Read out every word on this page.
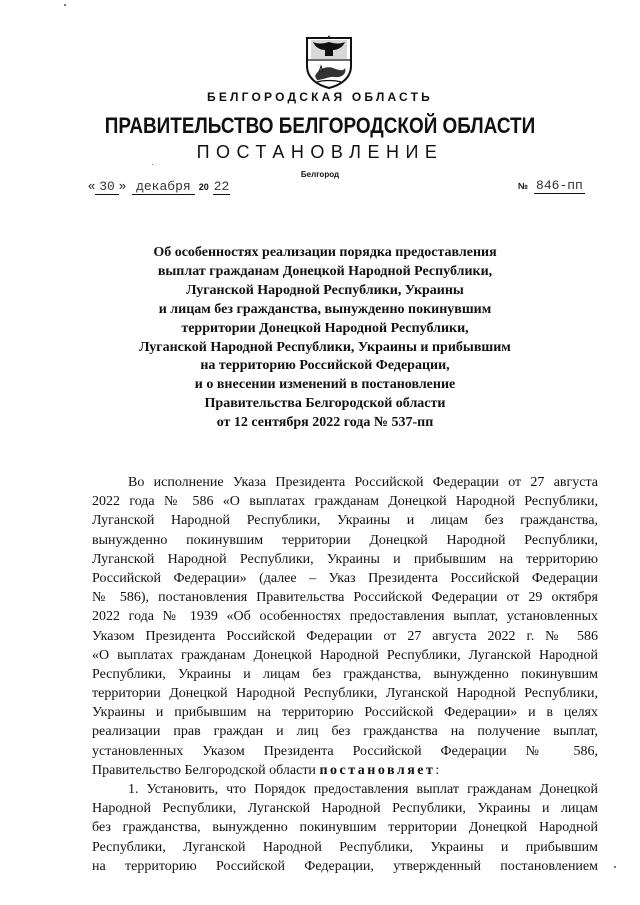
БЕЛГОРОДСКАЯ ОБЛАСТЬ
ПРАВИТЕЛЬСТВО БЕЛГОРОДСКОЙ ОБЛАСТИ
ПОСТАНОВЛЕНИЕ
Белгород
« 30 » декабря 20 22	№ 846-пп
Об особенностях реализации порядка предоставления
выплат гражданам Донецкой Народной Республики,
Луганской Народной Республики, Украины
и лицам без гражданства, вынужденно покинувшим
территории Донецкой Народной Республики,
Луганской Народной Республики, Украины и прибывшим
на территорию Российской Федерации,
и о внесении изменений в постановление
Правительства Белгородской области
от 12 сентября 2022 года № 537-пп
Во исполнение Указа Президента Российской Федерации от 27 августа
2022 года № 586 «О выплатах гражданам Донецкой Народной Республики,
Луганской Народной Республики, Украины и лицам без гражданства,
вынужденно покинувшим территории Донецкой Народной Республики,
Луганской Народной Республики, Украины и прибывшим на территорию
Российской Федерации» (далее – Указ Президента Российской Федерации
№ 586), постановления Правительства Российской Федерации от 29 октября
2022 года № 1939 «Об особенностях предоставления выплат, установленных
Указом Президента Российской Федерации от 27 августа 2022 г. № 586
«О выплатах гражданам Донецкой Народной Республики, Луганской Народной
Республики, Украины и лицам без гражданства, вынужденно покинувшим
территории Донецкой Народной Республики, Луганской Народной Республики,
Украины и прибывшим на территорию Российской Федерации» и в целях
реализации прав граждан и лиц без гражданства на получение выплат,
установленных Указом Президента Российской Федерации № 586,
Правительство Белгородской области постановляет:
1. Установить, что Порядок предоставления выплат гражданам Донецкой
Народной Республики, Луганской Народной Республики, Украины и лицам
без гражданства, вынужденно покинувшим территории Донецкой Народной
Республики, Луганской Народной Республики, Украины и прибывшим
на территорию Российской Федерации, утвержденный постановлением
